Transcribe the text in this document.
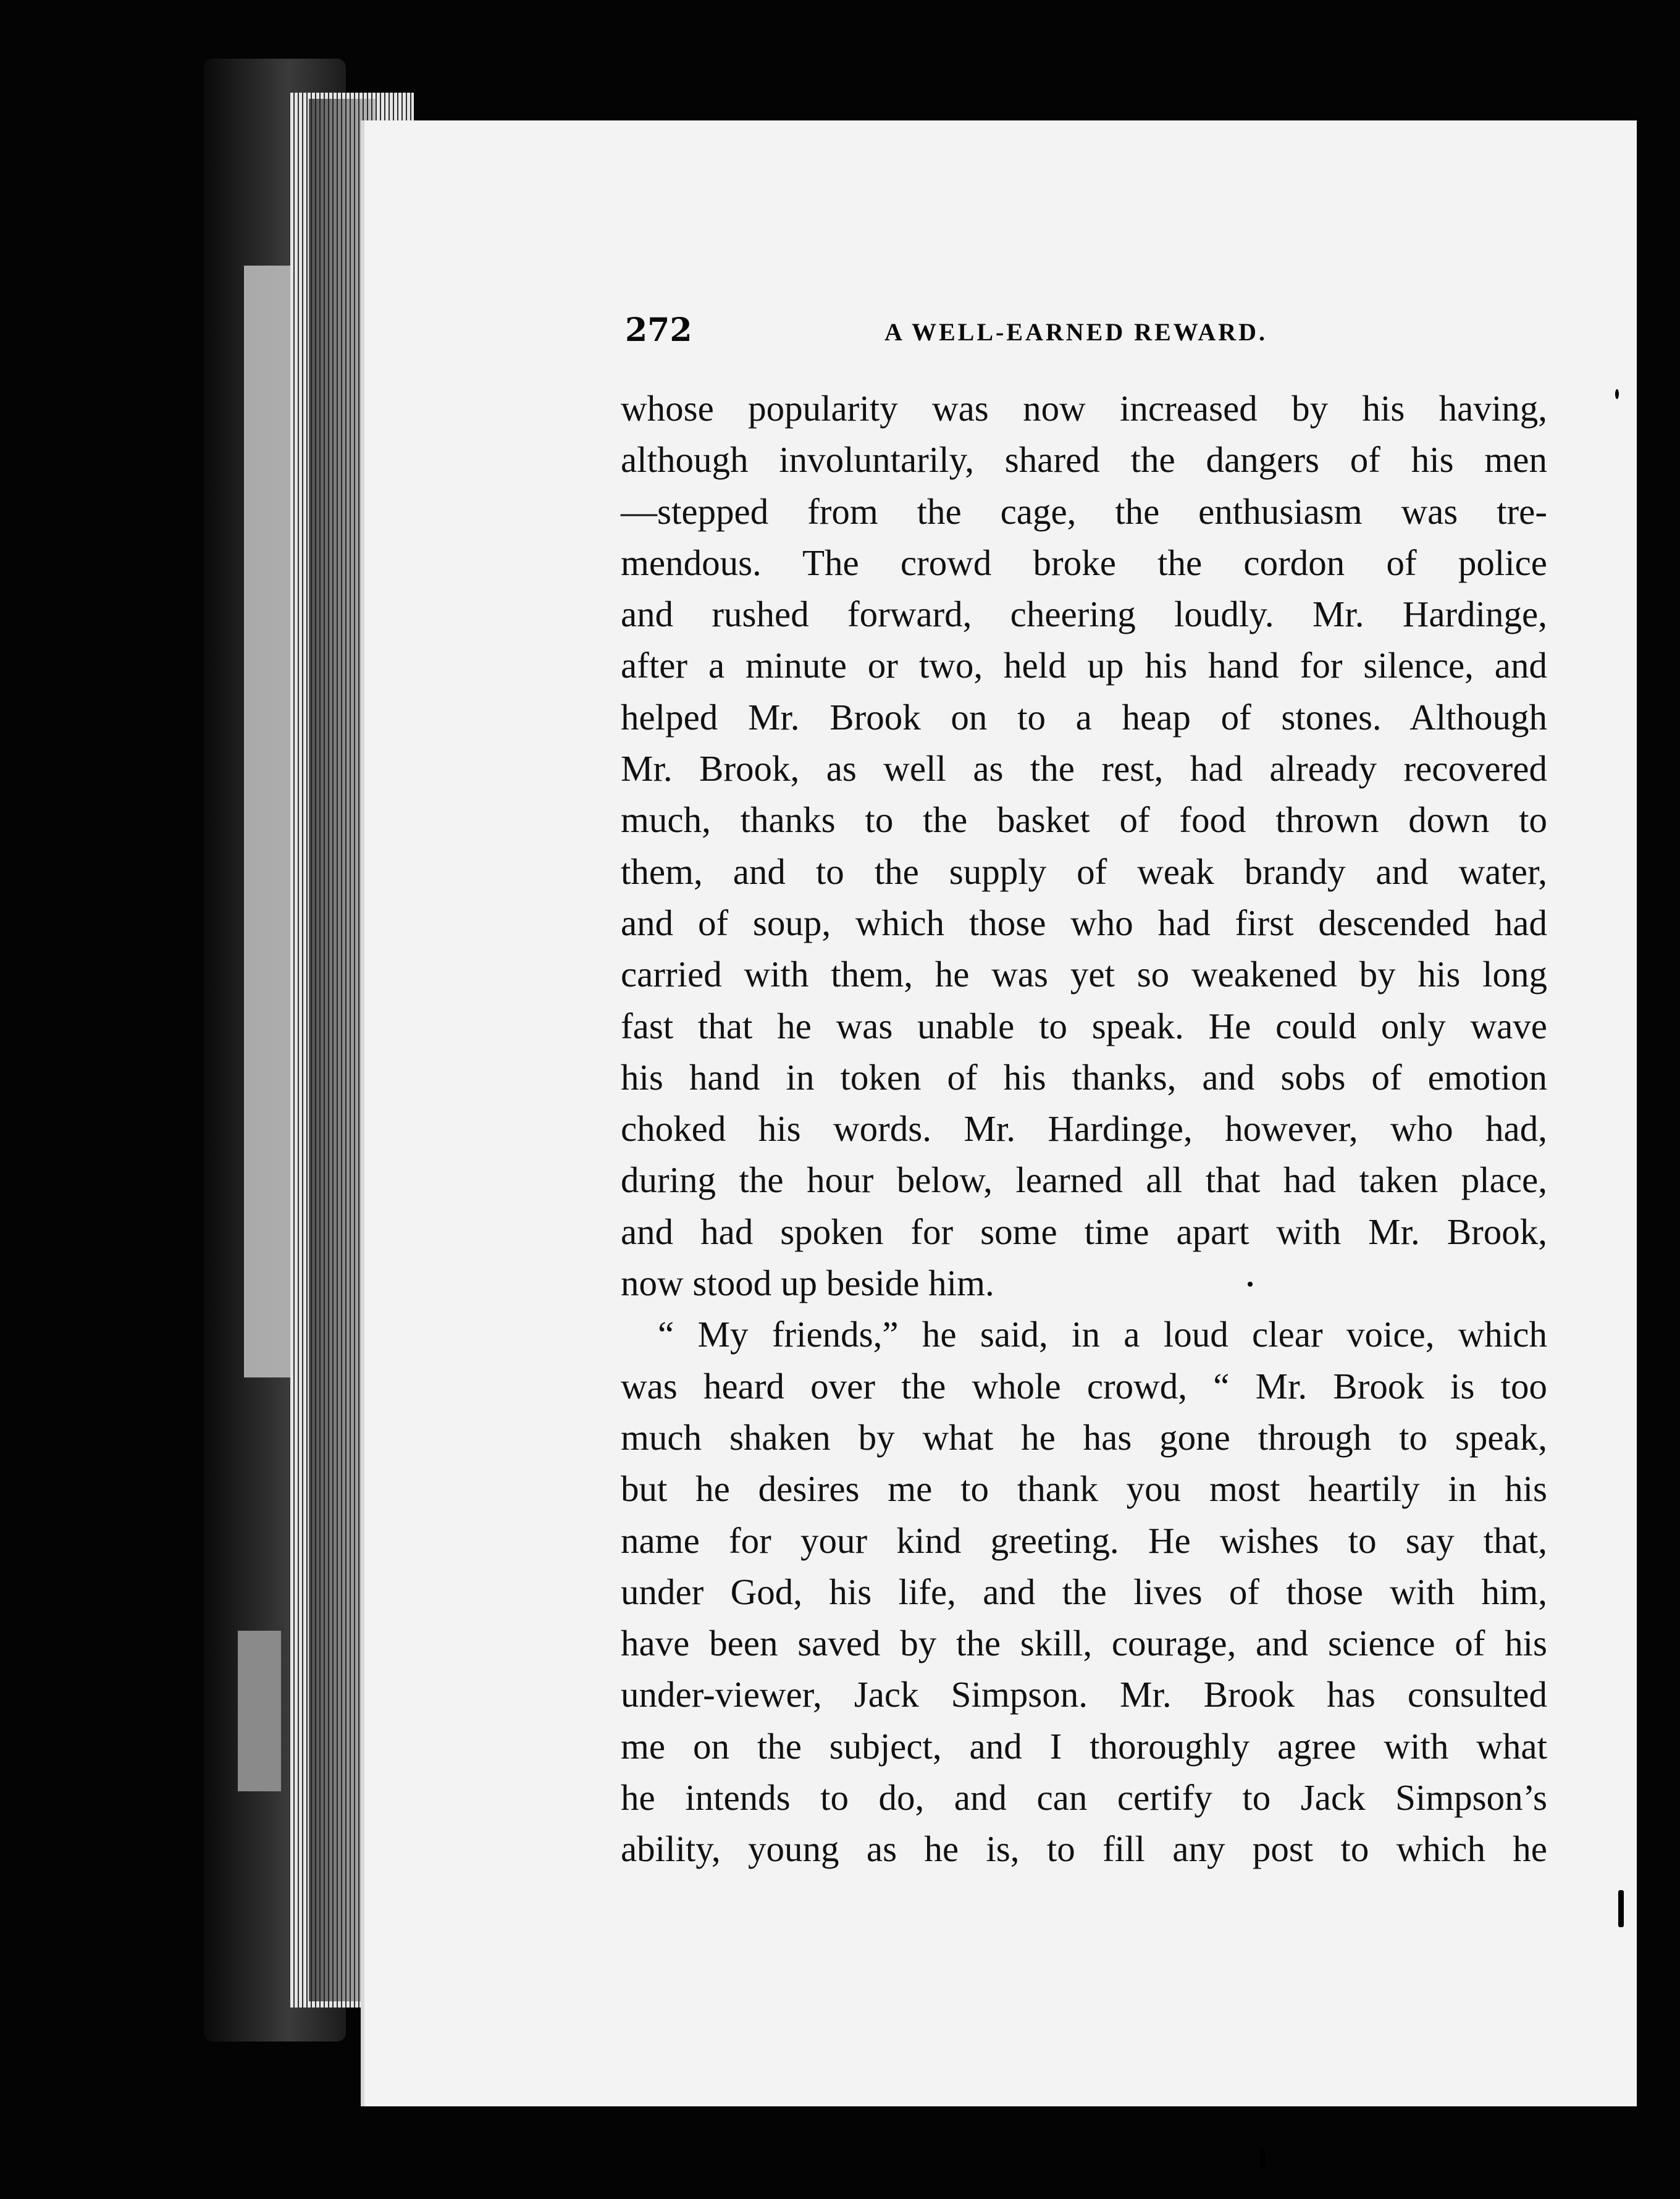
272	A WELL-EARNED REWARD.
whose popularity was now increased by his having,
although involuntarily, shared the dangers of his men
—stepped from the cage, the enthusiasm was tre-
mendous. The crowd broke the cordon of police
and rushed forward, cheering loudly. Mr. Hardinge,
after a minute or two, held up his hand for silence, and
helped Mr. Brook on to a heap of stones. Although
Mr. Brook, as well as the rest, had already recovered
much, thanks to the basket of food thrown down to
them, and to the supply of weak brandy and water,
and of soup, which those who had first descended had
carried with them, he was yet so weakened by his long
fast that he was unable to speak. He could only wave
his hand in token of his thanks, and sobs of emotion
choked his words. Mr. Hardinge, however, who had,
during the hour below, learned all that had taken place,
and had spoken for some time apart with Mr. Brook,
now stood up beside him.
“ My friends,” he said, in a loud clear voice, which
was heard over the whole crowd, “ Mr. Brook is too
much shaken by what he has gone through to speak,
but he desires me to thank you most heartily in his
name for your kind greeting. He wishes to say that,
under God, his life, and the lives of those with him,
have been saved by the skill, courage, and science of his
under-viewer, Jack Simpson. Mr. Brook has consulted
me on the subject, and I thoroughly agree with what
he intends to do, and can certify to Jack Simpson’s
ability, young as he is, to fill any post to which he
